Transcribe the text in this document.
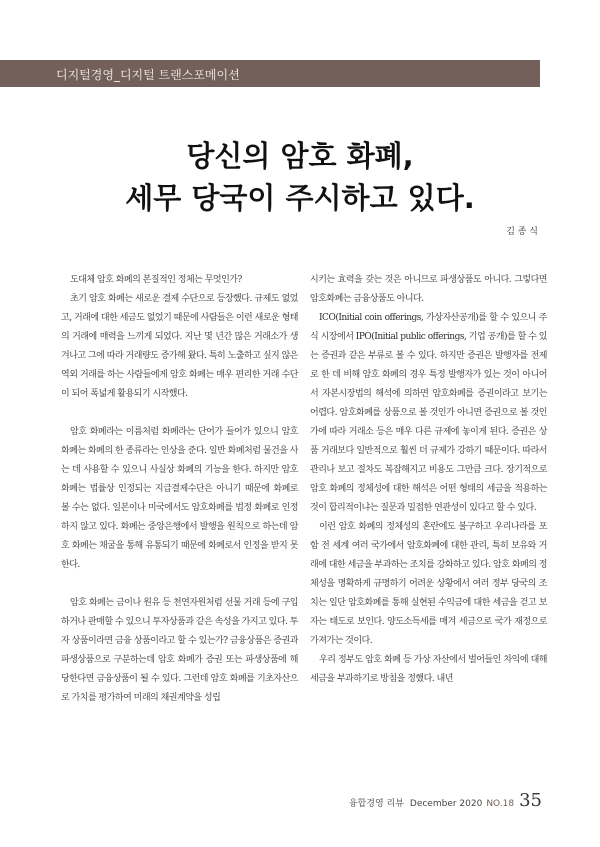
디지털경영_디지털 트랜스포메이션
당신의 암호 화폐,
세무 당국이 주시하고 있다.
김 종 식

도대체 암호 화폐의 본질적인 정체는 무엇인가?

초기 암호 화폐는 새로운 결제 수단으로 등장했다. 규제도 없었고, 거래에 대한 세금도 없었기 때문에 사람들은 이런 새로운 형태의 거래에 매력을 느끼게 되었다. 지난 몇 년간 많은 거래소가 생겨나고 그에 따라 거래량도 증가해 왔다. 특히 노출하고 싶지 않은 역외 거래를 하는 사람들에게 암호 화폐는 매우 편리한 거래 수단이 되어 폭넓게 활용되기 시작했다.

암호 화폐라는 이름처럼 화폐라는 단어가 들어가 있으니 암호 화폐는 화폐의 한 종류라는 인상을 준다. 일반 화폐처럼 물건을 사는 데 사용할 수 있으니 사실상 화폐의 기능을 한다. 하지만 암호 화폐는 법률상 인정되는 지급결제수단은 아니기 때문에 화폐로 볼 수는 없다. 일본이나 미국에서도 암호화폐를 법정 화폐로 인정하지 않고 있다. 화폐는 중앙은행에서 발행을 원칙으로 하는데 암호 화폐는 채굴을 통해 유통되기 때문에 화폐로서 인정을 받지 못한다.

암호 화폐는 금이나 원유 등 천연자원처럼 선물 거래 등에 구입하거나 판매할 수 있으니 투자상품과 같은 속성을 가지고 있다. 투자 상품이라면 금융 상품이라고 할 수 있는가? 금융상품은 증권과 파생상품으로 구분하는데 암호 화폐가 증권 또는 파생상품에 해당한다면 금융상품이 될 수 있다. 그런데 암호 화폐를 기초자산으로 가치를 평가하여 미래의 채권계약을 성립

시키는 효력을 갖는 것은 아니므로 파생상품도 아니다. 그렇다면 암호화폐는 금융상품도 아니다.

ICO(Initial coin offerings, 가상자산공개)를 할 수 있으니 주식 시장에서 IPO(Initial public offerings, 기업 공개)를 할 수 있는 증권과 같은 부류로 볼 수 있다. 하지만 증권은 발행자를 전제로 한 데 비해 암호 화폐의 경우 특정 발행자가 있는 것이 아니어서 자본시장법의 해석에 의하면 암호화폐를 증권이라고 보기는 어렵다. 암호화폐를 상품으로 볼 것인가 아니면 증권으로 볼 것인가에 따라 거래소 등은 매우 다른 규제에 놓이게 된다. 증권은 상품 거래보다 일반적으로 훨씬 더 규제가 강하기 때문이다. 따라서 관리나 보고 절차도 복잡해지고 비용도 그만큼 크다. 장기적으로 암호 화폐의 정체성에 대한 해석은 어떤 형태의 세금을 적용하는 것이 합리적이냐는 질문과 밀접한 연관성이 있다고 할 수 있다.

이런 암호 화폐의 정체성의 혼란에도 불구하고 우리나라를 포함 전 세계 여러 국가에서 암호화폐에 대한 관리, 특히 보유와 거래에 대한 세금을 부과하는 조치를 강화하고 있다. 암호 화폐의 정체성을 명확하게 규명하기 어려운 상황에서 여러 정부 당국의 조치는 일단 암호화폐를 통해 실현된 수익금에 대한 세금을 걷고 보자는 태도로 보인다. 양도소득세를 매겨 세금으로 국가 재정으로 가져가는 것이다.

우리 정부도 암호 화폐 등 가상 자산에서 벌어들인 차익에 대해 세금을 부과하기로 방침을 정했다. 내년

융합경영 리뷰 December 2020 NO.18 35
